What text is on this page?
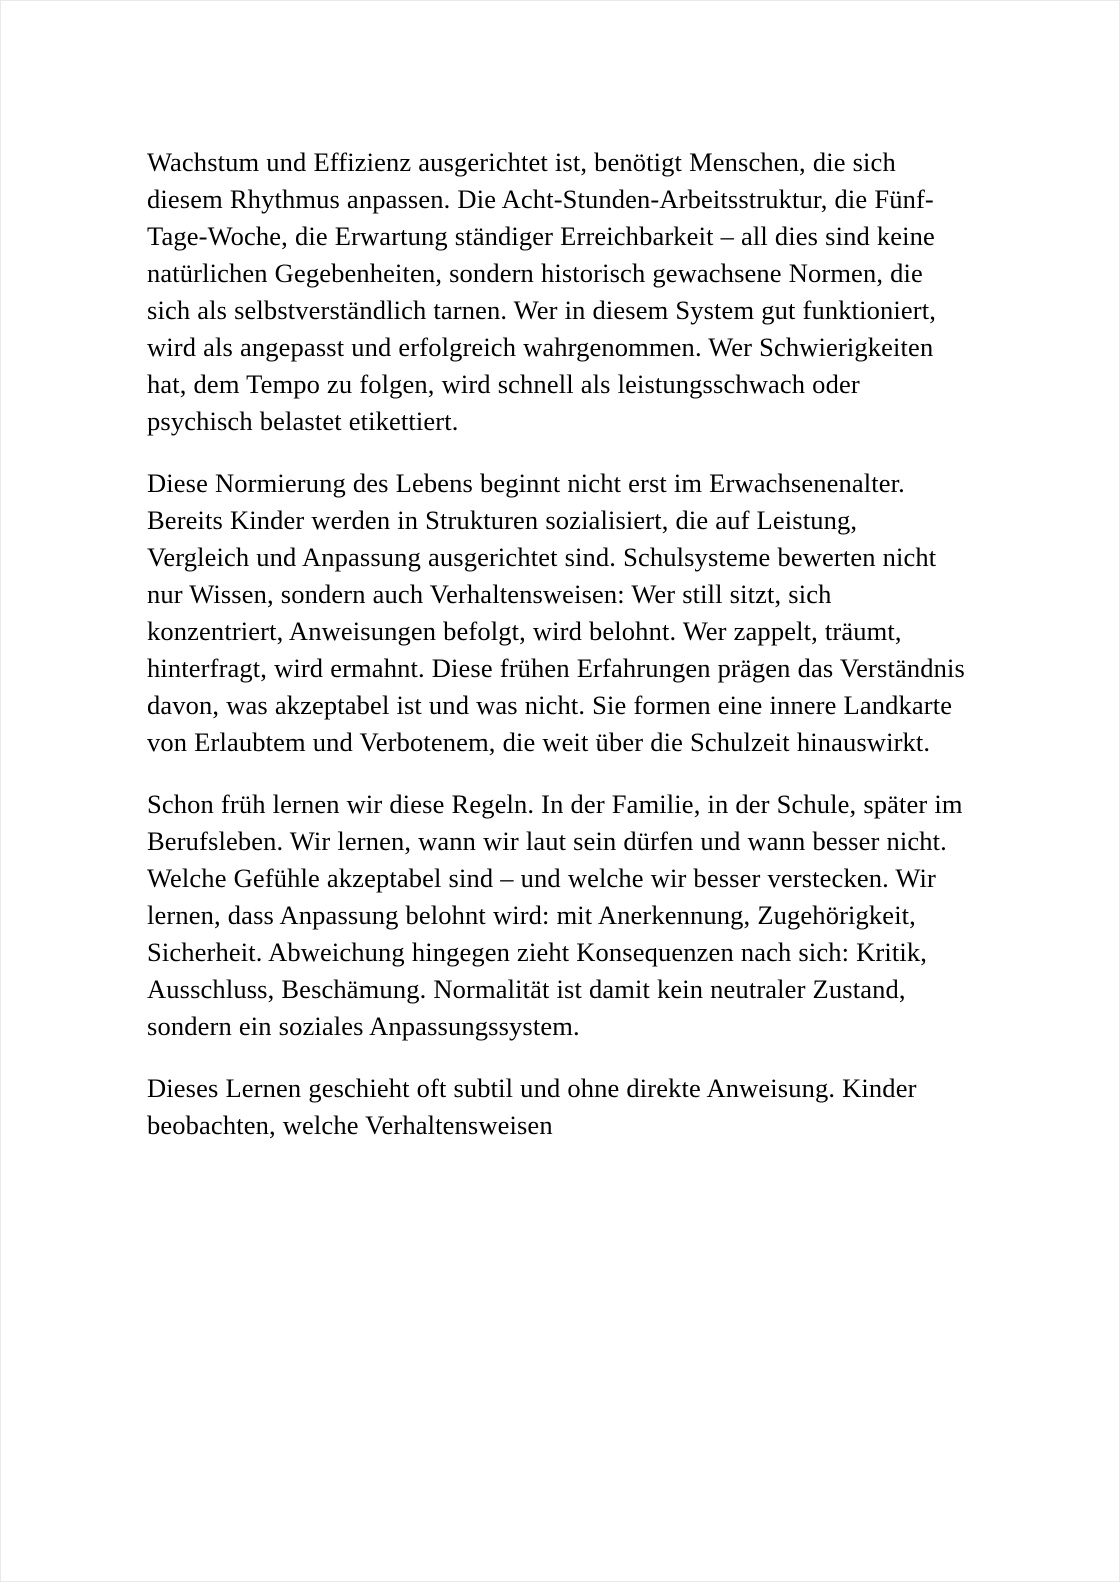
Wachstum und Effizienz ausgerichtet ist, benötigt Menschen, die sich diesem Rhythmus anpassen. Die Acht-Stunden-Arbeitsstruktur, die Fünf-Tage-Woche, die Erwartung ständiger Erreichbarkeit – all dies sind keine natürlichen Gegebenheiten, sondern historisch gewachsene Normen, die sich als selbstverständlich tarnen. Wer in diesem System gut funktioniert, wird als angepasst und erfolgreich wahrgenommen. Wer Schwierigkeiten hat, dem Tempo zu folgen, wird schnell als leistungsschwach oder psychisch belastet etikettiert.

Diese Normierung des Lebens beginnt nicht erst im Erwachsenenalter. Bereits Kinder werden in Strukturen sozialisiert, die auf Leistung, Vergleich und Anpassung ausgerichtet sind. Schulsysteme bewerten nicht nur Wissen, sondern auch Verhaltensweisen: Wer still sitzt, sich konzentriert, Anweisungen befolgt, wird belohnt. Wer zappelt, träumt, hinterfragt, wird ermahnt. Diese frühen Erfahrungen prägen das Verständnis davon, was akzeptabel ist und was nicht. Sie formen eine innere Landkarte von Erlaubtem und Verbotenem, die weit über die Schulzeit hinauswirkt.

Schon früh lernen wir diese Regeln. In der Familie, in der Schule, später im Berufsleben. Wir lernen, wann wir laut sein dürfen und wann besser nicht. Welche Gefühle akzeptabel sind – und welche wir besser verstecken. Wir lernen, dass Anpassung belohnt wird: mit Anerkennung, Zugehörigkeit, Sicherheit. Abweichung hingegen zieht Konsequenzen nach sich: Kritik, Ausschluss, Beschämung. Normalität ist damit kein neutraler Zustand, sondern ein soziales Anpassungssystem.

Dieses Lernen geschieht oft subtil und ohne direkte Anweisung. Kinder beobachten, welche Verhaltensweisen
